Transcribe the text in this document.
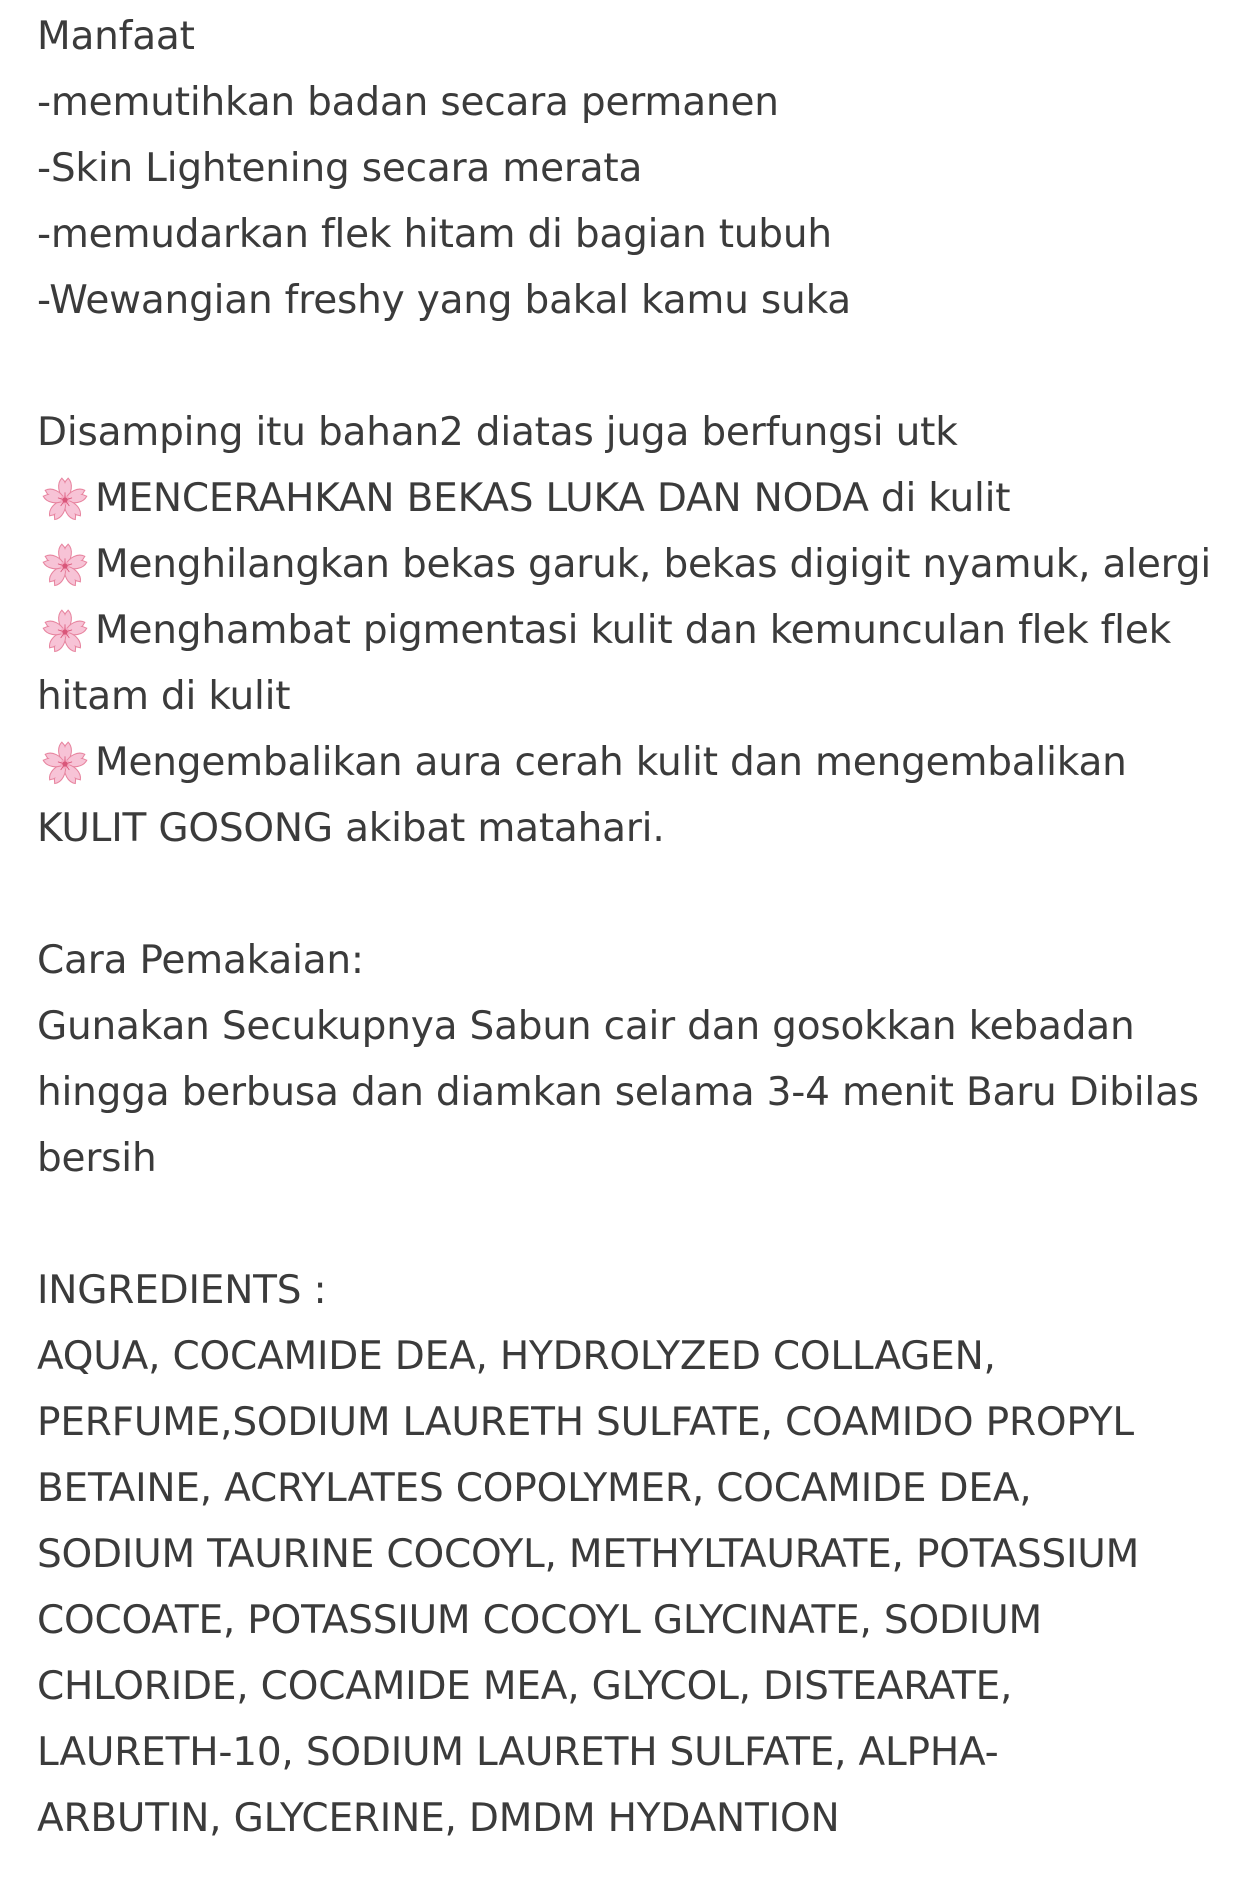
Manfaat
-memutihkan badan secara permanen
-Skin Lightening secara merata
-memudarkan flek hitam di bagian tubuh
-Wewangian freshy yang bakal kamu suka
Disamping itu bahan2 diatas juga berfungsi utk
MENCERAHKAN BEKAS LUKA DAN NODA di kulit
Menghilangkan bekas garuk, bekas digigit nyamuk, alergi
Menghambat pigmentasi kulit dan kemunculan flek flek
hitam di kulit
Mengembalikan aura cerah kulit dan mengembalikan
KULIT GOSONG akibat matahari.
Cara Pemakaian:
Gunakan Secukupnya Sabun cair dan gosokkan kebadan
hingga berbusa dan diamkan selama 3-4 menit Baru Dibilas
bersih
INGREDIENTS :
AQUA, COCAMIDE DEA, HYDROLYZED COLLAGEN,
PERFUME,SODIUM LAURETH SULFATE, COAMIDO PROPYL
BETAINE, ACRYLATES COPOLYMER, COCAMIDE DEA,
SODIUM TAURINE COCOYL, METHYLTAURATE, POTASSIUM
COCOATE, POTASSIUM COCOYL GLYCINATE, SODIUM
CHLORIDE, COCAMIDE MEA, GLYCOL, DISTEARATE,
LAURETH-10, SODIUM LAURETH SULFATE, ALPHA-
ARBUTIN, GLYCERINE, DMDM HYDANTION
